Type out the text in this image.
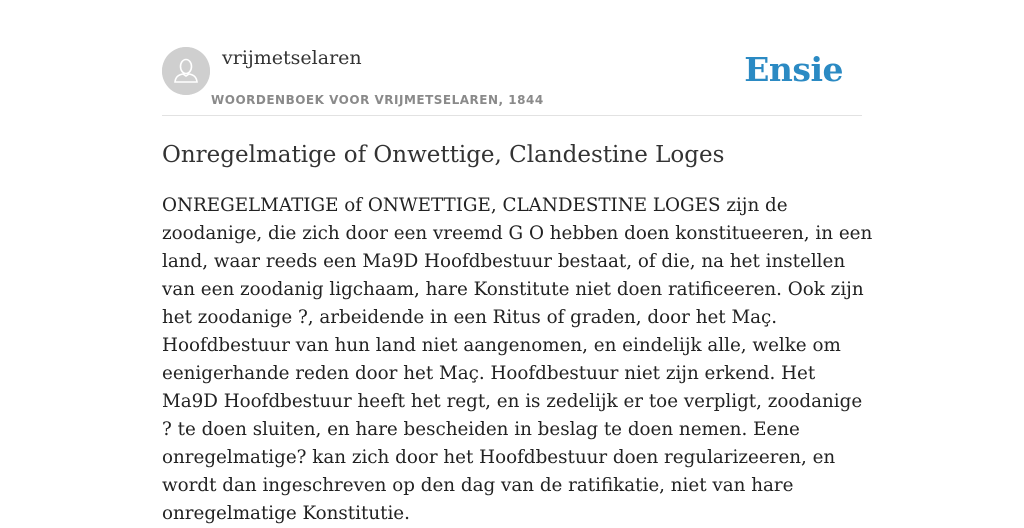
vrijmetselaren
WOORDENBOEK VOOR VRIJMETSELAREN, 1844
Ensie
Onregelmatige of Onwettige, Clandestine Loges

ONREGELMATIGE of ONWETTIGE, CLANDESTINE LOGES zijn de zoodanige, die zich door een vreemd G O hebben doen konstitueeren, in een land, waar reeds een Ma9D Hoofdbestuur bestaat, of die, na het instellen van een zoodanig ligchaam, hare Konstitute niet doen ratificeeren. Ook zijn het zoodanige ?, arbeidende in een Ritus of graden, door het Maç. Hoofdbestuur van hun land niet aangenomen, en eindelijk alle, welke om eenigerhande reden door het Maç. Hoofdbestuur niet zijn erkend. Het Ma9D Hoofdbestuur heeft het regt, en is zedelijk er toe verpligt, zoodanige ? te doen sluiten, en hare bescheiden in beslag te doen nemen. Eene onregelmatige? kan zich door het Hoofdbestuur doen regularizeeren, en wordt dan ingeschreven op den dag van de ratifikatie, niet van hare onregelmatige Konstitutie.
